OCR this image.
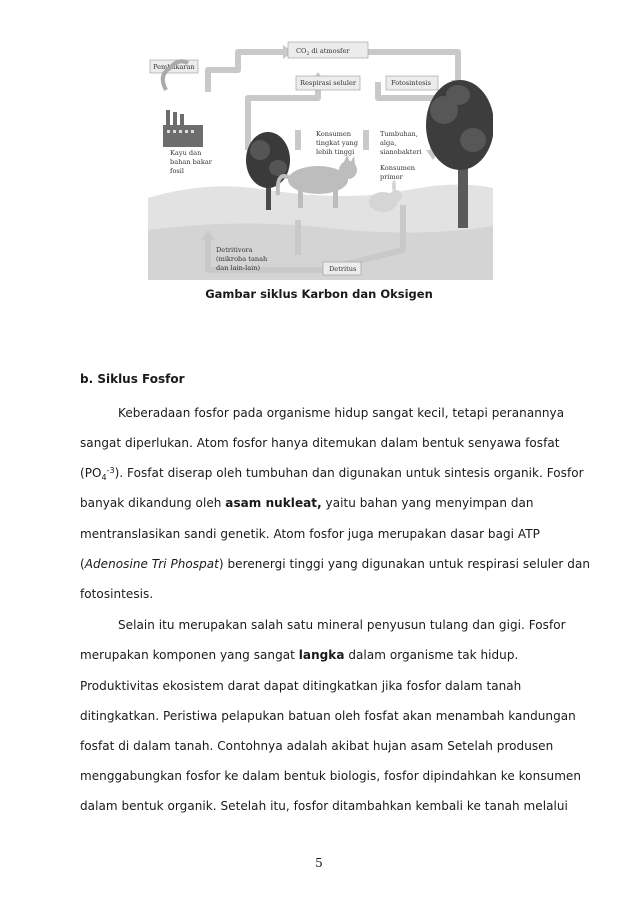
$CO_2$ di atmosfer
Pembakaran
Respirasi seluler	Fotosintesis
Detritus
Kayu dan
bahan bakar
fosil
Konsumen
tingkat yang
lebih tinggi
Tumbuhan,
alga,
sianobakteri
Konsumen
primer
Detritivora
(mikroba tanah
dan lain-lain)
Gambar siklus Karbon dan Oksigen
b. Siklus Fosfor
Keberadaan fosfor pada organisme hidup sangat kecil, tetapi peranannya
sangat diperlukan. Atom fosfor hanya ditemukan dalam bentuk senyawa fosfat
$(PO_4^{-3})$. Fosfat diserap oleh tumbuhan dan digunakan untuk sintesis organik. Fosfor
banyak dikandung oleh asam nukleat, yaitu bahan yang menyimpan dan
mentranslasikan sandi genetik. Atom fosfor juga merupakan dasar bagi ATP
(Adenosine Tri Phospat) berenergi tinggi yang digunakan untuk respirasi seluler dan
fotosintesis.
Selain itu merupakan salah satu mineral penyusun tulang dan gigi. Fosfor
merupakan komponen yang sangat langka dalam organisme tak hidup.
Produktivitas ekosistem darat dapat ditingkatkan jika fosfor dalam tanah
ditingkatkan. Peristiwa pelapukan batuan oleh fosfat akan menambah kandungan
fosfat di dalam tanah. Contohnya adalah akibat hujan asam Setelah produsen
menggabungkan fosfor ke dalam bentuk biologis, fosfor dipindahkan ke konsumen
dalam bentuk organik. Setelah itu, fosfor ditambahkan kembali ke tanah melalui
5
